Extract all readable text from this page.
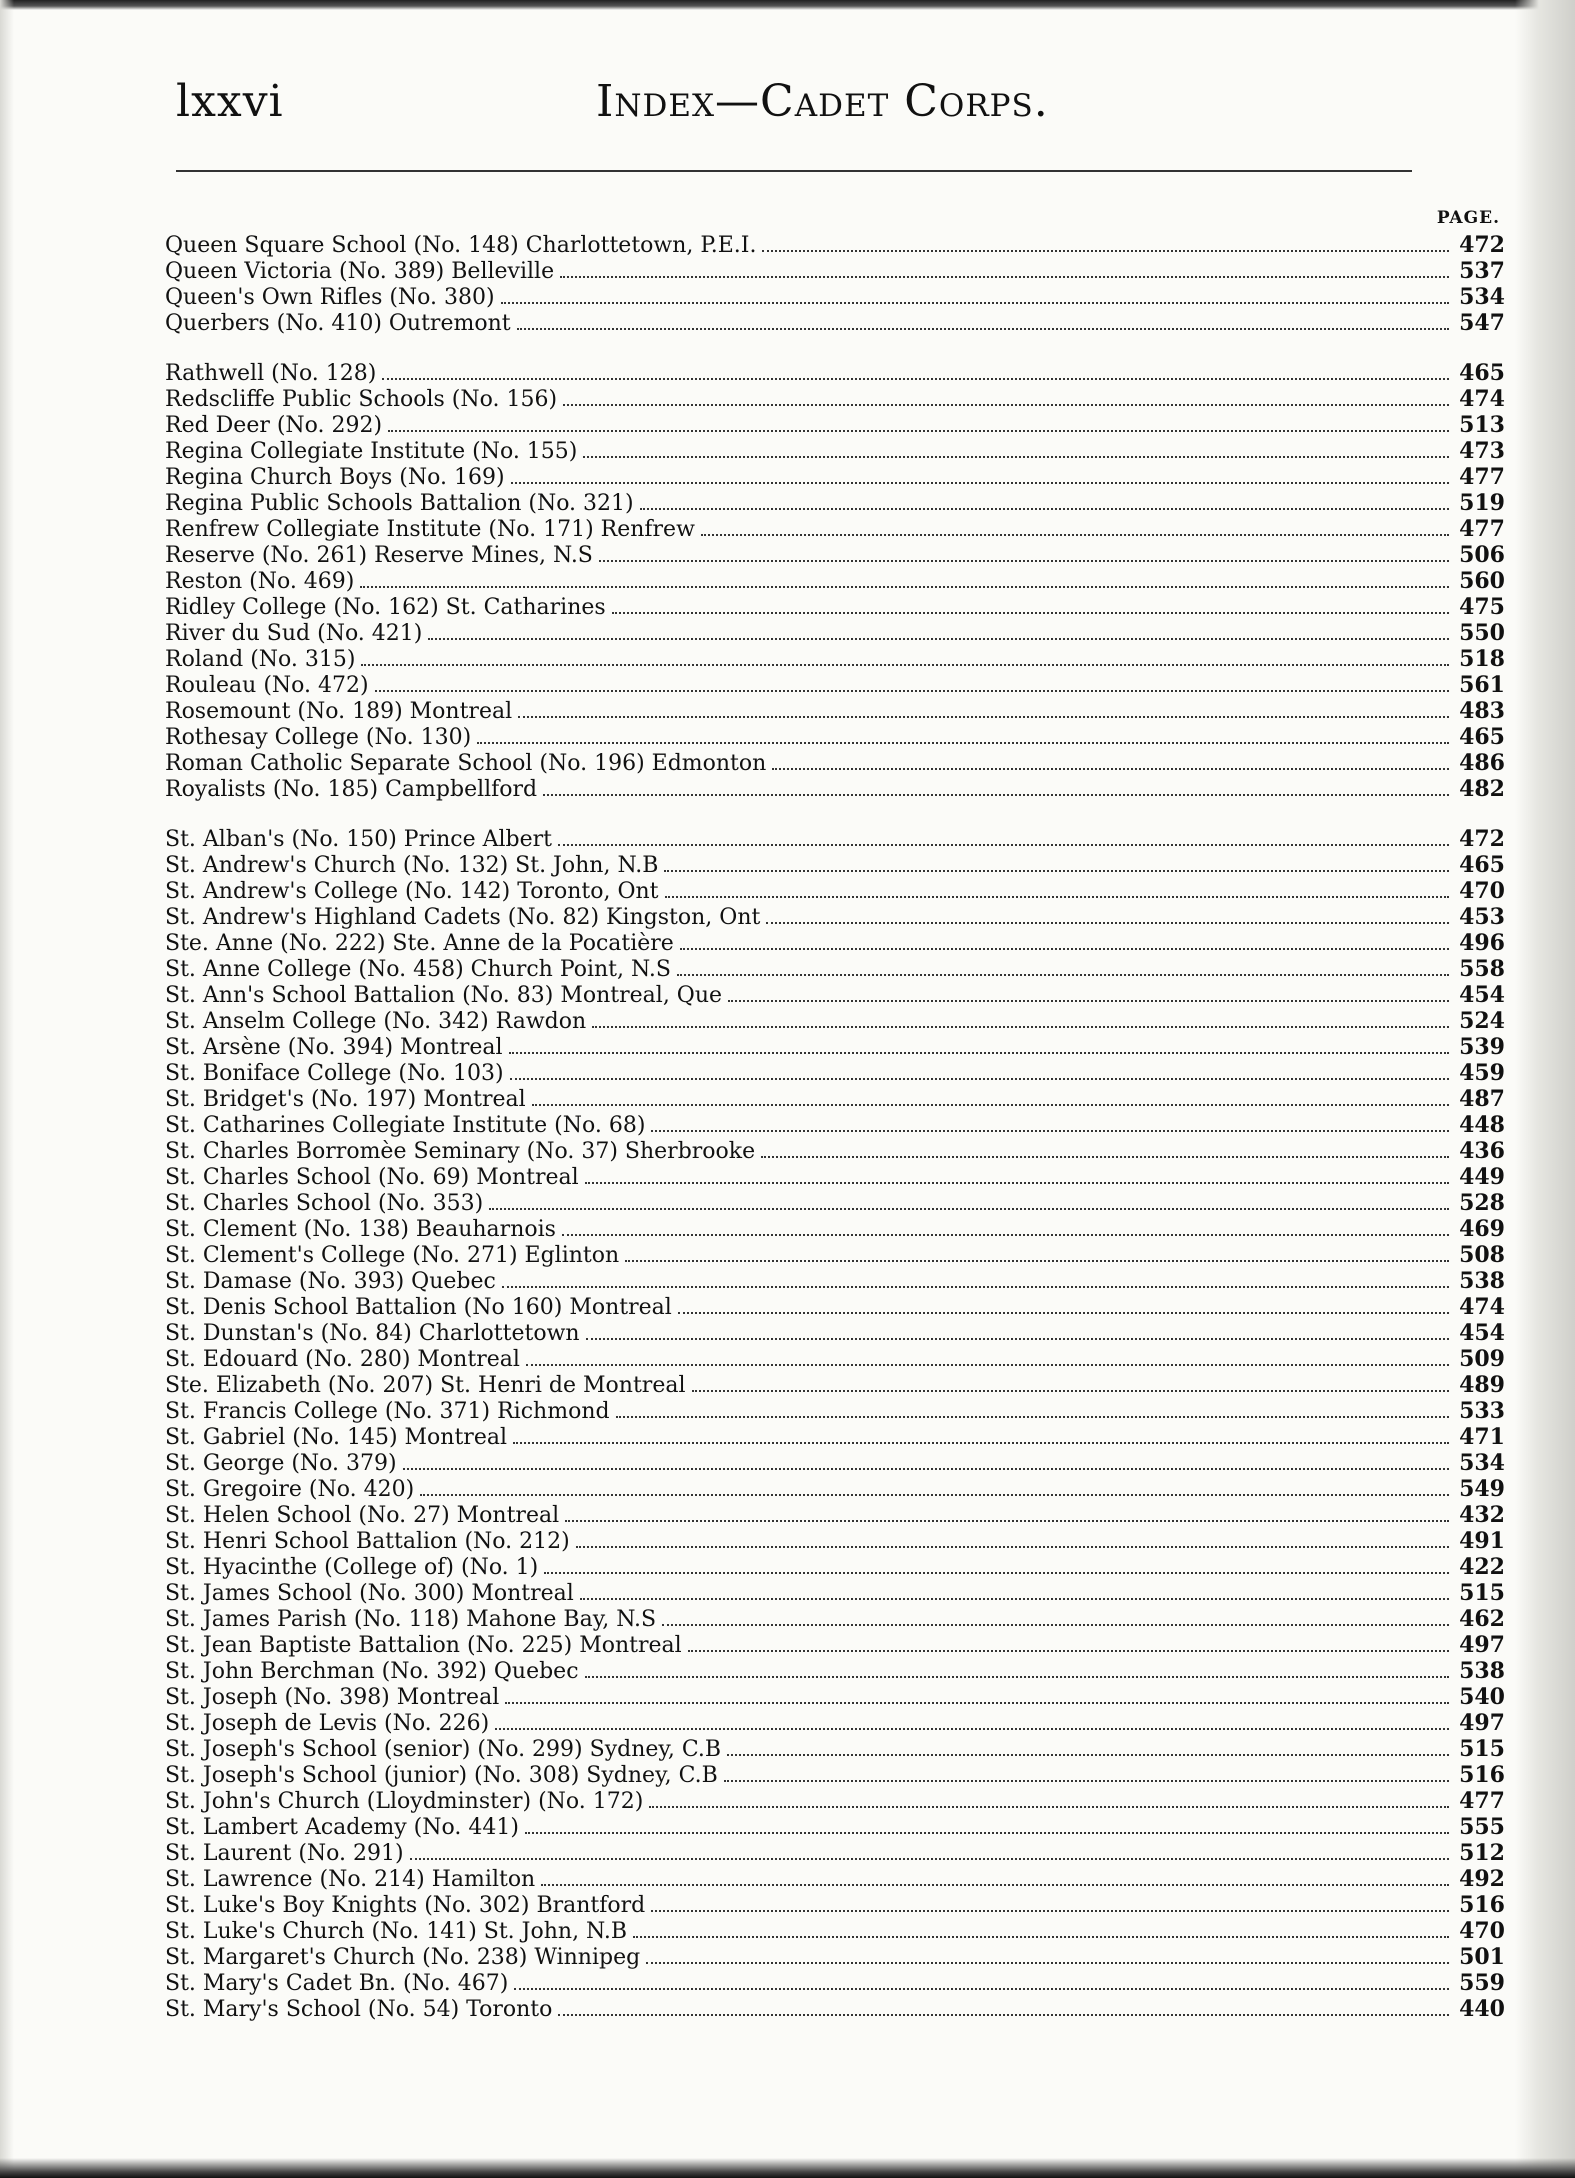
lxxvi	Index—Cadet Corps.
PAGE.
Queen Square School (No. 148) Charlottetown, P.E.I.	472
Queen Victoria (No. 389) Belleville	537
Queen's Own Rifles (No. 380)	534
Querbers (No. 410) Outremont	547
Rathwell (No. 128)	465
Redscliffe Public Schools (No. 156)	474
Red Deer (No. 292)	513
Regina Collegiate Institute (No. 155)	473
Regina Church Boys (No. 169)	477
Regina Public Schools Battalion (No. 321)	519
Renfrew Collegiate Institute (No. 171) Renfrew	477
Reserve (No. 261) Reserve Mines, N.S	506
Reston (No. 469)	560
Ridley College (No. 162) St. Catharines	475
River du Sud (No. 421)	550
Roland (No. 315)	518
Rouleau (No. 472)	561
Rosemount (No. 189) Montreal	483
Rothesay College (No. 130)	465
Roman Catholic Separate School (No. 196) Edmonton	486
Royalists (No. 185) Campbellford	482
St. Alban's (No. 150) Prince Albert	472
St. Andrew's Church (No. 132) St. John, N.B	465
St. Andrew's College (No. 142) Toronto, Ont	470
St. Andrew's Highland Cadets (No. 82) Kingston, Ont	453
Ste. Anne (No. 222) Ste. Anne de la Pocatière	496
St. Anne College (No. 458) Church Point, N.S	558
St. Ann's School Battalion (No. 83) Montreal, Que	454
St. Anselm College (No. 342) Rawdon	524
St. Arsène (No. 394) Montreal	539
St. Boniface College (No. 103)	459
St. Bridget's (No. 197) Montreal	487
St. Catharines Collegiate Institute (No. 68)	448
St. Charles Borromèe Seminary (No. 37) Sherbrooke	436
St. Charles School (No. 69) Montreal	449
St. Charles School (No. 353)	528
St. Clement (No. 138) Beauharnois	469
St. Clement's College (No. 271) Eglinton	508
St. Damase (No. 393) Quebec	538
St. Denis School Battalion (No 160) Montreal	474
St. Dunstan's (No. 84) Charlottetown	454
St. Edouard (No. 280) Montreal	509
Ste. Elizabeth (No. 207) St. Henri de Montreal	489
St. Francis College (No. 371) Richmond	533
St. Gabriel (No. 145) Montreal	471
St. George (No. 379)	534
St. Gregoire (No. 420)	549
St. Helen School (No. 27) Montreal	432
St. Henri School Battalion (No. 212)	491
St. Hyacinthe (College of) (No. 1)	422
St. James School (No. 300) Montreal	515
St. James Parish (No. 118) Mahone Bay, N.S	462
St. Jean Baptiste Battalion (No. 225) Montreal	497
St. John Berchman (No. 392) Quebec	538
St. Joseph (No. 398) Montreal	540
St. Joseph de Levis (No. 226)	497
St. Joseph's School (senior) (No. 299) Sydney, C.B	515
St. Joseph's School (junior) (No. 308) Sydney, C.B	516
St. John's Church (Lloydminster) (No. 172)	477
St. Lambert Academy (No. 441)	555
St. Laurent (No. 291)	512
St. Lawrence (No. 214) Hamilton	492
St. Luke's Boy Knights (No. 302) Brantford	516
St. Luke's Church (No. 141) St. John, N.B	470
St. Margaret's Church (No. 238) Winnipeg	501
St. Mary's Cadet Bn. (No. 467)	559
St. Mary's School (No. 54) Toronto	440
